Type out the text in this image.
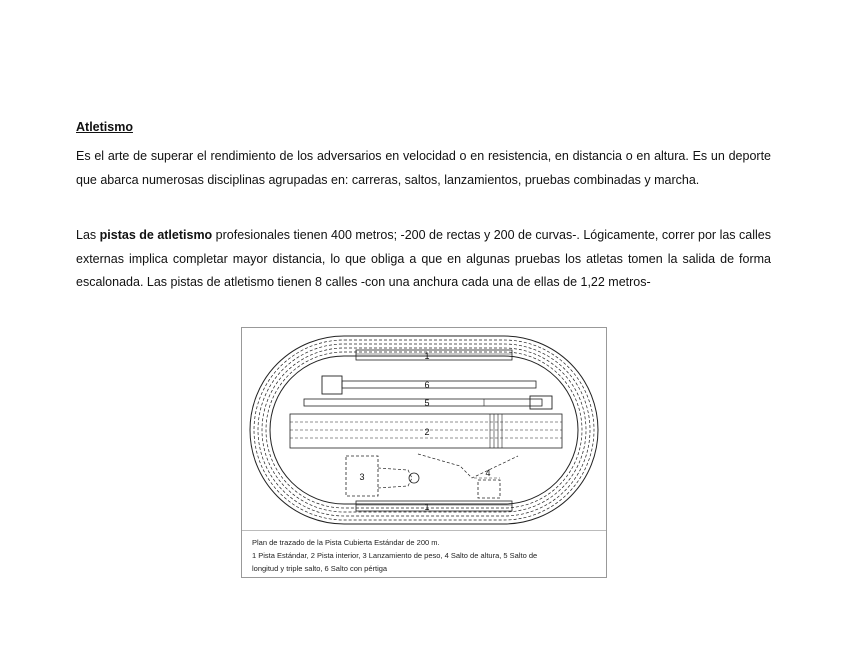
Atletismo
Es el arte de superar el rendimiento de los adversarios en velocidad o en resistencia, en distancia o en altura. Es un deporte que abarca numerosas disciplinas agrupadas en: carreras, saltos, lanzamientos, pruebas combinadas y marcha.
Las pistas de atletismo profesionales tienen 400 metros; -200 de rectas y 200 de curvas-. Lógicamente, correr por las calles externas implica completar mayor distancia, lo que obliga a que en algunas pruebas los atletas tomen la salida de forma escalonada. Las pistas de atletismo tienen 8 calles -con una anchura cada una de ellas de 1,22 metros-
1
6
5
2
3	4
1
Plan de trazado de la Pista Cubierta Estándar de 200 m.
1 Pista Estándar, 2 Pista interior, 3 Lanzamiento de peso, 4 Salto de altura, 5 Salto de
longitud y triple salto, 6 Salto con pértiga
